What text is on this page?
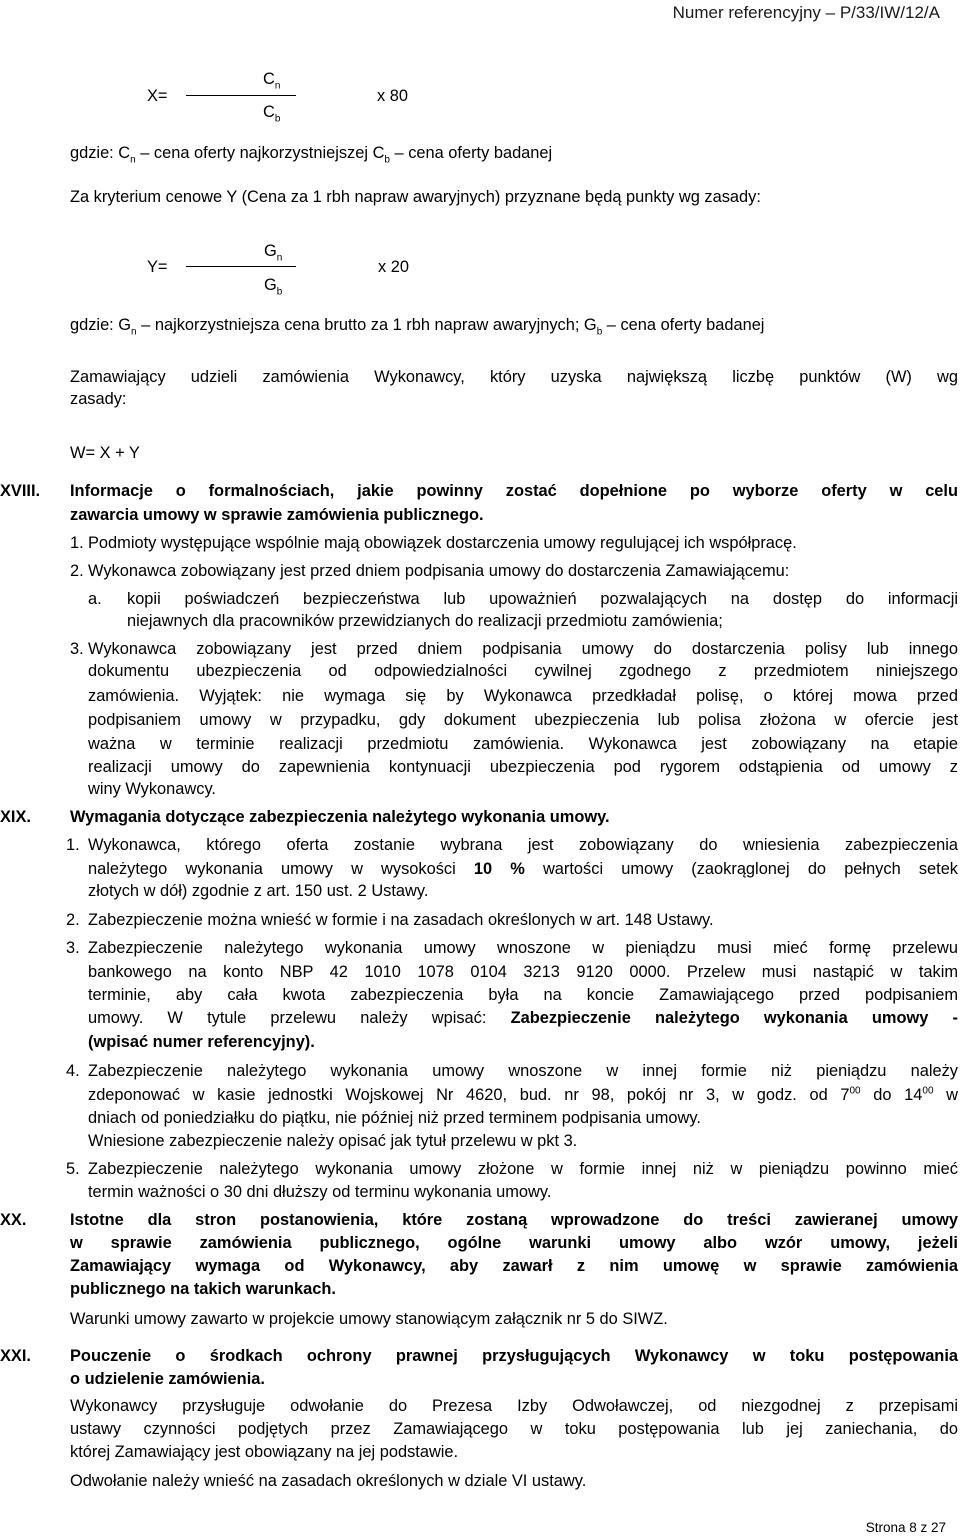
Numer referencyjny – P/33/IW/12/A
X=
$C_n$
$C_b$
x 80
gdzie: $C_n$ – cena oferty najkorzystniejszej $C_b$ – cena oferty badanej
Za kryterium cenowe Y (Cena za 1 rbh napraw awaryjnych) przyznane będą punkty wg zasady:
Y=
$G_n$
$G_b$
x 20
gdzie: $G_n$ – najkorzystniejsza cena brutto za 1 rbh napraw awaryjnych; $G_b$ – cena oferty badanej
Zamawiający udzieli zamówienia Wykonawcy, który uzyska największą liczbę punktów (W) wg
zasady:
W= X + Y
XVIII. Informacje o formalnościach, jakie powinny zostać dopełnione po wyborze oferty w celu
zawarcia umowy w sprawie zamówienia publicznego.
1. Podmioty występujące wspólnie mają obowiązek dostarczenia umowy regulującej ich współpracę.
2. Wykonawca zobowiązany jest przed dniem podpisania umowy do dostarczenia Zamawiającemu:
a. kopii poświadczeń bezpieczeństwa lub upoważnień pozwalających na dostęp do informacji
niejawnych dla pracowników przewidzianych do realizacji przedmiotu zamówienia;
3. Wykonawca zobowiązany jest przed dniem podpisania umowy do dostarczenia polisy lub innego
dokumentu ubezpieczenia od odpowiedzialności cywilnej zgodnego z przedmiotem niniejszego
zamówienia. Wyjątek: nie wymaga się by Wykonawca przedkładał polisę, o której mowa przed
podpisaniem umowy w przypadku, gdy dokument ubezpieczenia lub polisa złożona w ofercie jest
ważna w terminie realizacji przedmiotu zamówienia. Wykonawca jest zobowiązany na etapie
realizacji umowy do zapewnienia kontynuacji ubezpieczenia pod rygorem odstąpienia od umowy z
winy Wykonawcy.
XIX. Wymagania dotyczące zabezpieczenia należytego wykonania umowy.
1. Wykonawca, którego oferta zostanie wybrana jest zobowiązany do wniesienia zabezpieczenia
należytego wykonania umowy w wysokości 10 % wartości umowy (zaokrąglonej do pełnych setek
złotych w dół) zgodnie z art. 150 ust. 2 Ustawy.
2. Zabezpieczenie można wnieść w formie i na zasadach określonych w art. 148 Ustawy.
3. Zabezpieczenie należytego wykonania umowy wnoszone w pieniądzu musi mieć formę przelewu
bankowego na konto NBP 42 1010 1078 0104 3213 9120 0000. Przelew musi nastąpić w takim
terminie, aby cała kwota zabezpieczenia była na koncie Zamawiającego przed podpisaniem
umowy. W tytule przelewu należy wpisać: Zabezpieczenie należytego wykonania umowy -
(wpisać numer referencyjny).
4. Zabezpieczenie należytego wykonania umowy wnoszone w innej formie niż pieniądzu należy
zdeponować w kasie jednostki Wojskowej Nr 4620, bud. nr 98, pokój nr 3, w godz. od $7^{00}$ do $14^{00}$ w
dniach od poniedziałku do piątku, nie później niż przed terminem podpisania umowy.
Wniesione zabezpieczenie należy opisać jak tytuł przelewu w pkt 3.
5. Zabezpieczenie należytego wykonania umowy złożone w formie innej niż w pieniądzu powinno mieć
termin ważności o 30 dni dłuższy od terminu wykonania umowy.
XX.	Istotne dla stron postanowienia, które zostaną wprowadzone do treści zawieranej umowy
w sprawie zamówienia publicznego, ogólne warunki umowy albo wzór umowy, jeżeli
Zamawiający wymaga od Wykonawcy, aby zawarł z nim umowę w sprawie zamówienia
publicznego na takich warunkach.
Warunki umowy zawarto w projekcie umowy stanowiącym załącznik nr 5 do SIWZ.
XXI. Pouczenie o środkach ochrony prawnej przysługujących Wykonawcy w toku postępowania
o udzielenie zamówienia.
Wykonawcy przysługuje odwołanie do Prezesa Izby Odwoławczej, od niezgodnej z przepisami
ustawy czynności podjętych przez Zamawiającego w toku postępowania lub jej zaniechania, do
której Zamawiający jest obowiązany na jej podstawie.
Odwołanie należy wnieść na zasadach określonych w dziale VI ustawy.
Strona 8 z 27
